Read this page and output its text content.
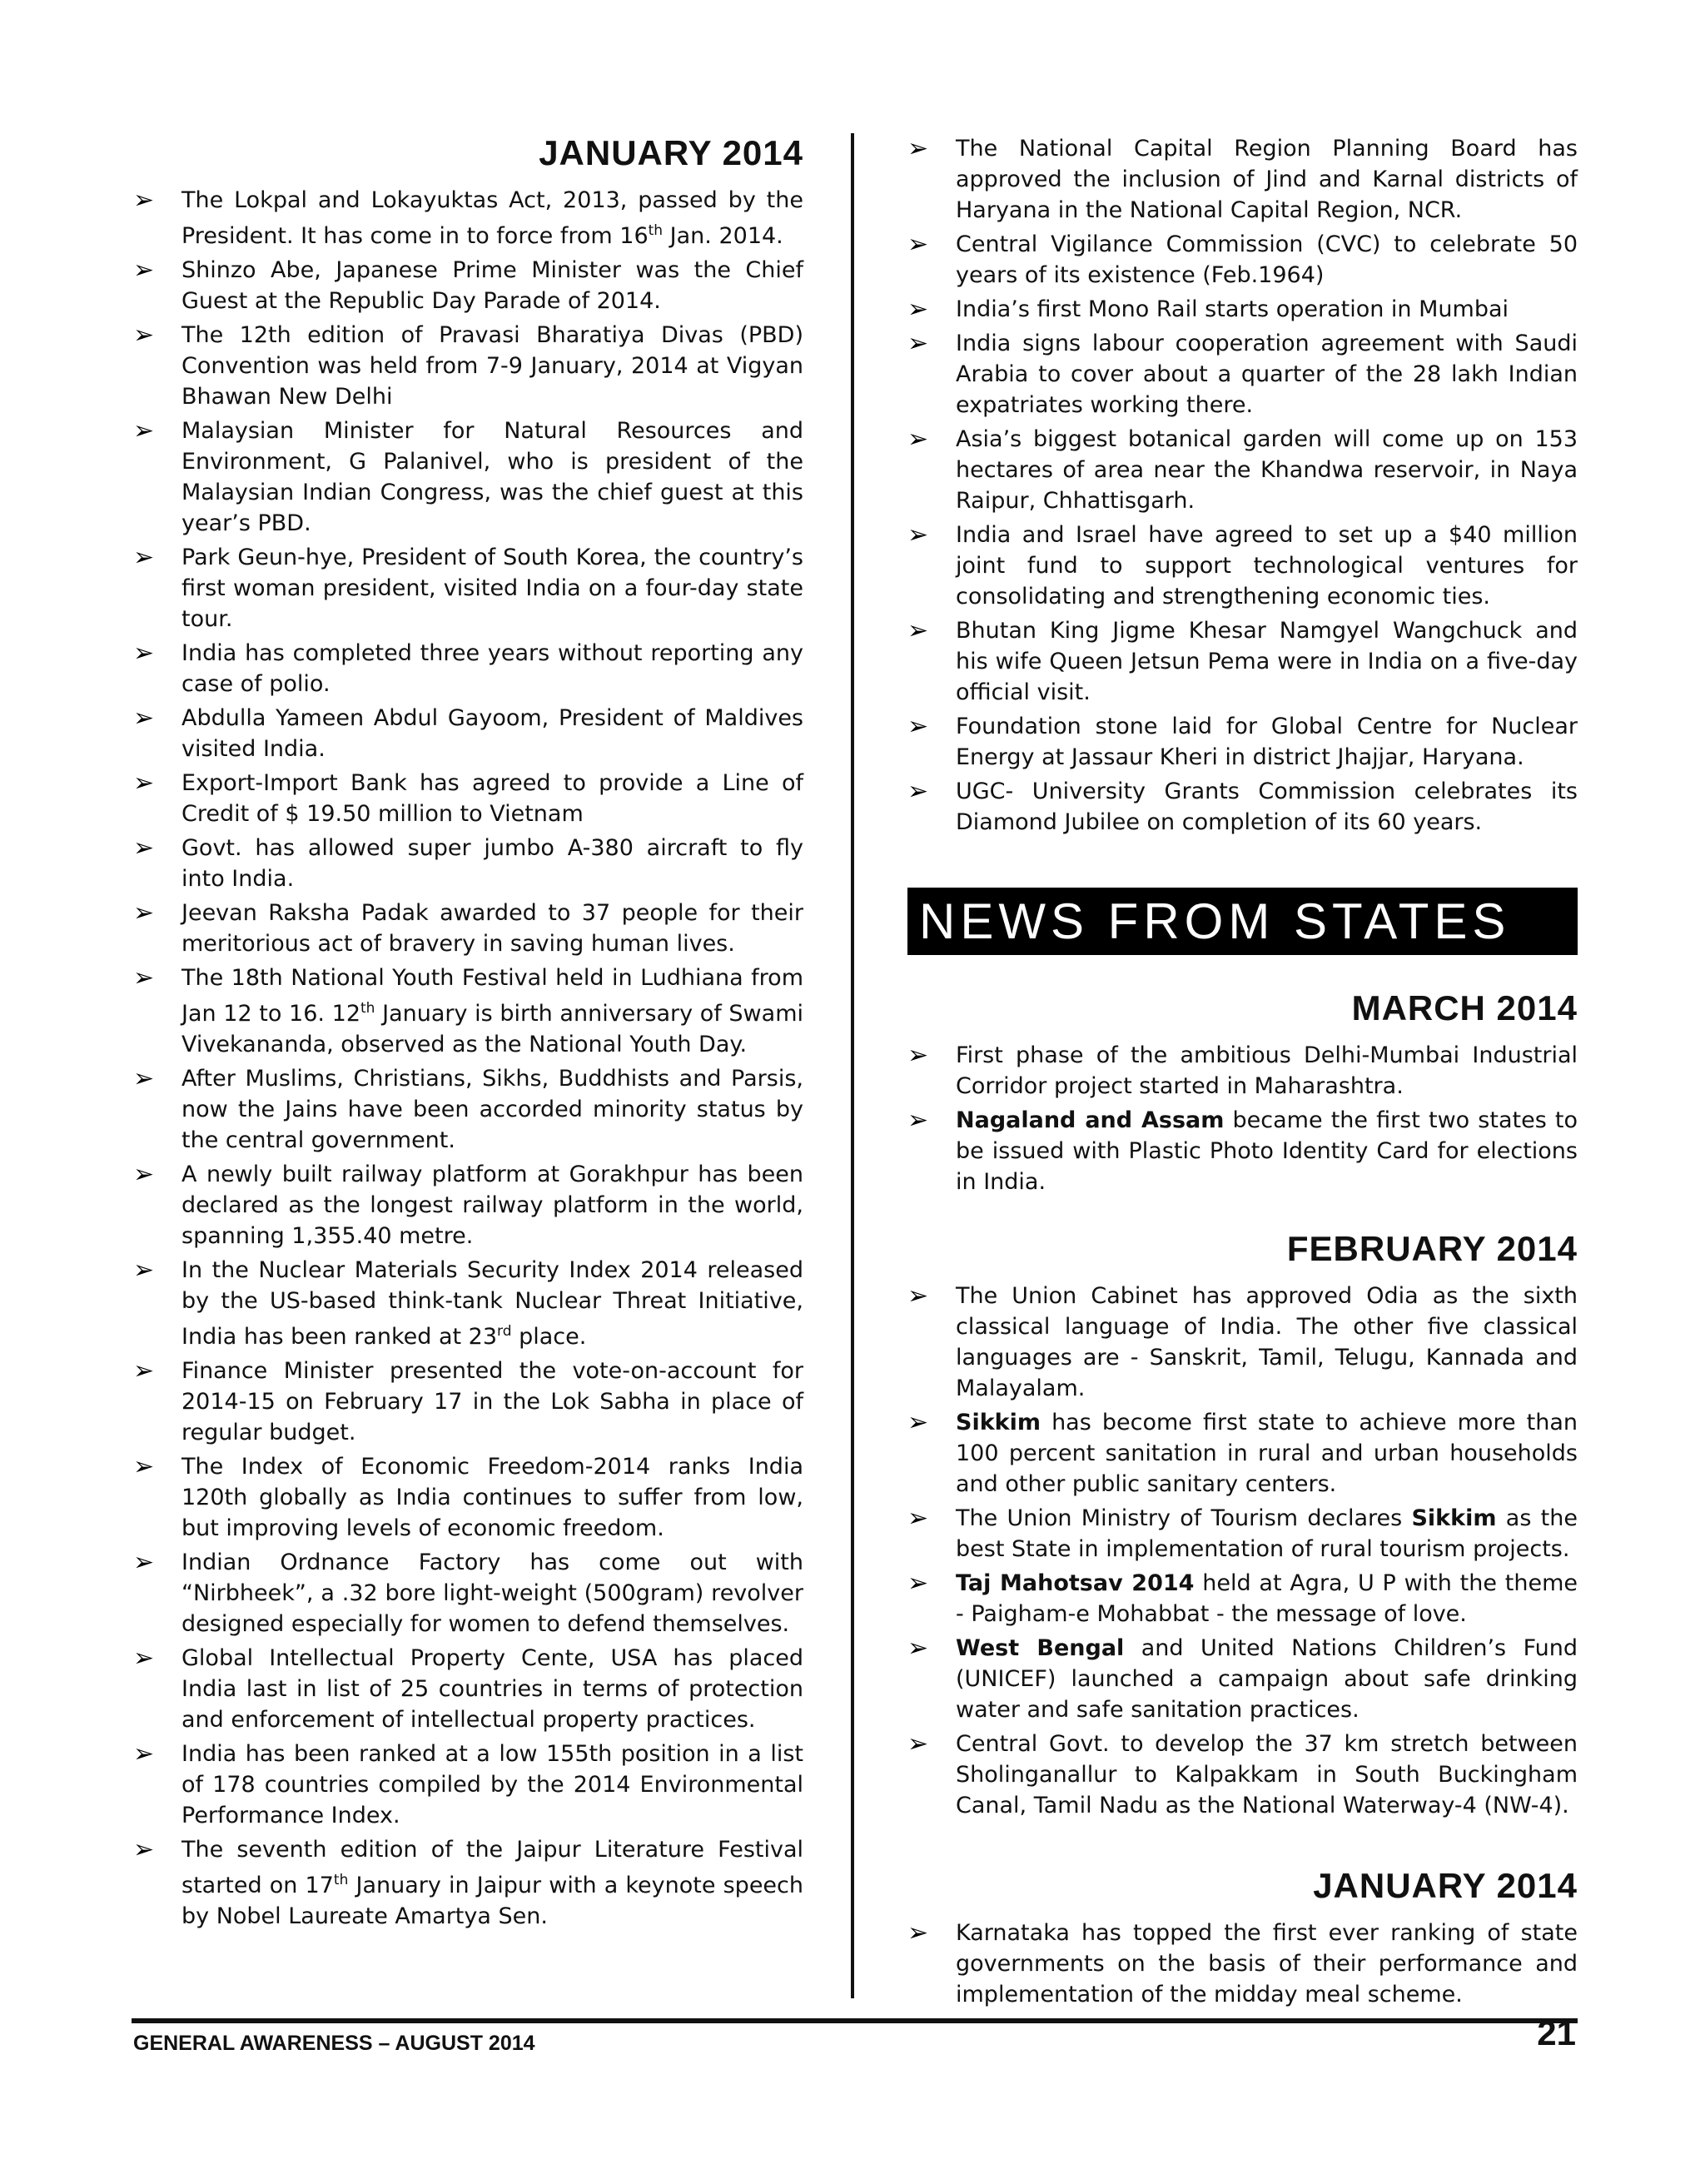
JANUARY 2014
➢ The Lokpal and Lokayuktas Act, 2013, passed by the President. It has come in to force from 16th Jan. 2014.
➢ Shinzo Abe, Japanese Prime Minister was the Chief Guest at the Republic Day Parade of 2014.
➢ The 12th edition of Pravasi Bharatiya Divas (PBD) Convention was held from 7-9 January, 2014 at Vigyan Bhawan New Delhi
➢ Malaysian Minister for Natural Resources and Environment, G Palanivel, who is president of the Malaysian Indian Congress, was the chief guest at this year’s PBD.
➢ Park Geun-hye, President of South Korea, the country’s first woman president, visited India on a four-day state tour.
➢ India has completed three years without reporting any case of polio.
➢ Abdulla Yameen Abdul Gayoom, President of Maldives visited India.
➢ Export-Import Bank has agreed to provide a Line of Credit of $ 19.50 million to Vietnam
➢ Govt. has allowed super jumbo A-380 aircraft to fly into India.
➢ Jeevan Raksha Padak awarded to 37 people for their meritorious act of bravery in saving human lives.
➢ The 18th National Youth Festival held in Ludhiana from Jan 12 to 16. 12th January is birth anniversary of Swami Vivekananda, observed as the National Youth Day.
➢ After Muslims, Christians, Sikhs, Buddhists and Parsis, now the Jains have been accorded minority status by the central government.
➢ A newly built railway platform at Gorakhpur has been declared as the longest railway platform in the world, spanning 1,355.40 metre.
➢ In the Nuclear Materials Security Index 2014 released by the US-based think-tank Nuclear Threat Initiative, India has been ranked at 23rd place.
➢ Finance Minister presented the vote-on-account for 2014-15 on February 17 in the Lok Sabha in place of regular budget.
➢ The Index of Economic Freedom-2014 ranks India 120th globally as India continues to suffer from low, but improving levels of economic freedom.
➢ Indian Ordnance Factory has come out with “Nirbheek”, a .32 bore light-weight (500gram) revolver designed especially for women to defend themselves.
➢ Global Intellectual Property Cente, USA has placed India last in list of 25 countries in terms of protection and enforcement of intellectual property practices.
➢ India has been ranked at a low 155th position in a list of 178 countries compiled by the 2014 Environmental Performance Index.
➢ The seventh edition of the Jaipur Literature Festival started on 17th January in Jaipur with a keynote speech by Nobel Laureate Amartya Sen.
➢ The National Capital Region Planning Board has approved the inclusion of Jind and Karnal districts of Haryana in the National Capital Region, NCR.
➢ Central Vigilance Commission (CVC) to celebrate 50 years of its existence (Feb.1964)
➢ India’s first Mono Rail starts operation in Mumbai
➢ India signs labour cooperation agreement with Saudi Arabia to cover about a quarter of the 28 lakh Indian expatriates working there.
➢ Asia’s biggest botanical garden will come up on 153 hectares of area near the Khandwa reservoir, in Naya Raipur, Chhattisgarh.
➢ India and Israel have agreed to set up a $40 million joint fund to support technological ventures for consolidating and strengthening economic ties.
➢ Bhutan King Jigme Khesar Namgyel Wangchuck and his wife Queen Jetsun Pema were in India on a five-day official visit.
➢ Foundation stone laid for Global Centre for Nuclear Energy at Jassaur Kheri in district Jhajjar, Haryana.
➢ UGC- University Grants Commission celebrates its Diamond Jubilee on completion of its 60 years.
NEWS FROM STATES
MARCH 2014
➢ First phase of the ambitious Delhi-Mumbai Industrial Corridor project started in Maharashtra.
➢ Nagaland and Assam became the first two states to be issued with Plastic Photo Identity Card for elections in India.
FEBRUARY 2014
➢ The Union Cabinet has approved Odia as the sixth classical language of India. The other five classical languages are - Sanskrit, Tamil, Telugu, Kannada and Malayalam.
➢ Sikkim has become first state to achieve more than 100 percent sanitation in rural and urban households and other public sanitary centers.
➢ The Union Ministry of Tourism declares Sikkim as the best State in implementation of rural tourism projects.
➢ Taj Mahotsav 2014 held at Agra, U P with the theme - Paigham-e Mohabbat - the message of love.
➢ West Bengal and United Nations Children’s Fund (UNICEF) launched a campaign about safe drinking water and safe sanitation practices.
➢ Central Govt. to develop the 37 km stretch between Sholinganallur to Kalpakkam in South Buckingham Canal, Tamil Nadu as the National Waterway-4 (NW-4).
JANUARY 2014
➢ Karnataka has topped the first ever ranking of state governments on the basis of their performance and implementation of the midday meal scheme.
GENERAL AWARENESS – AUGUST 2014	21
